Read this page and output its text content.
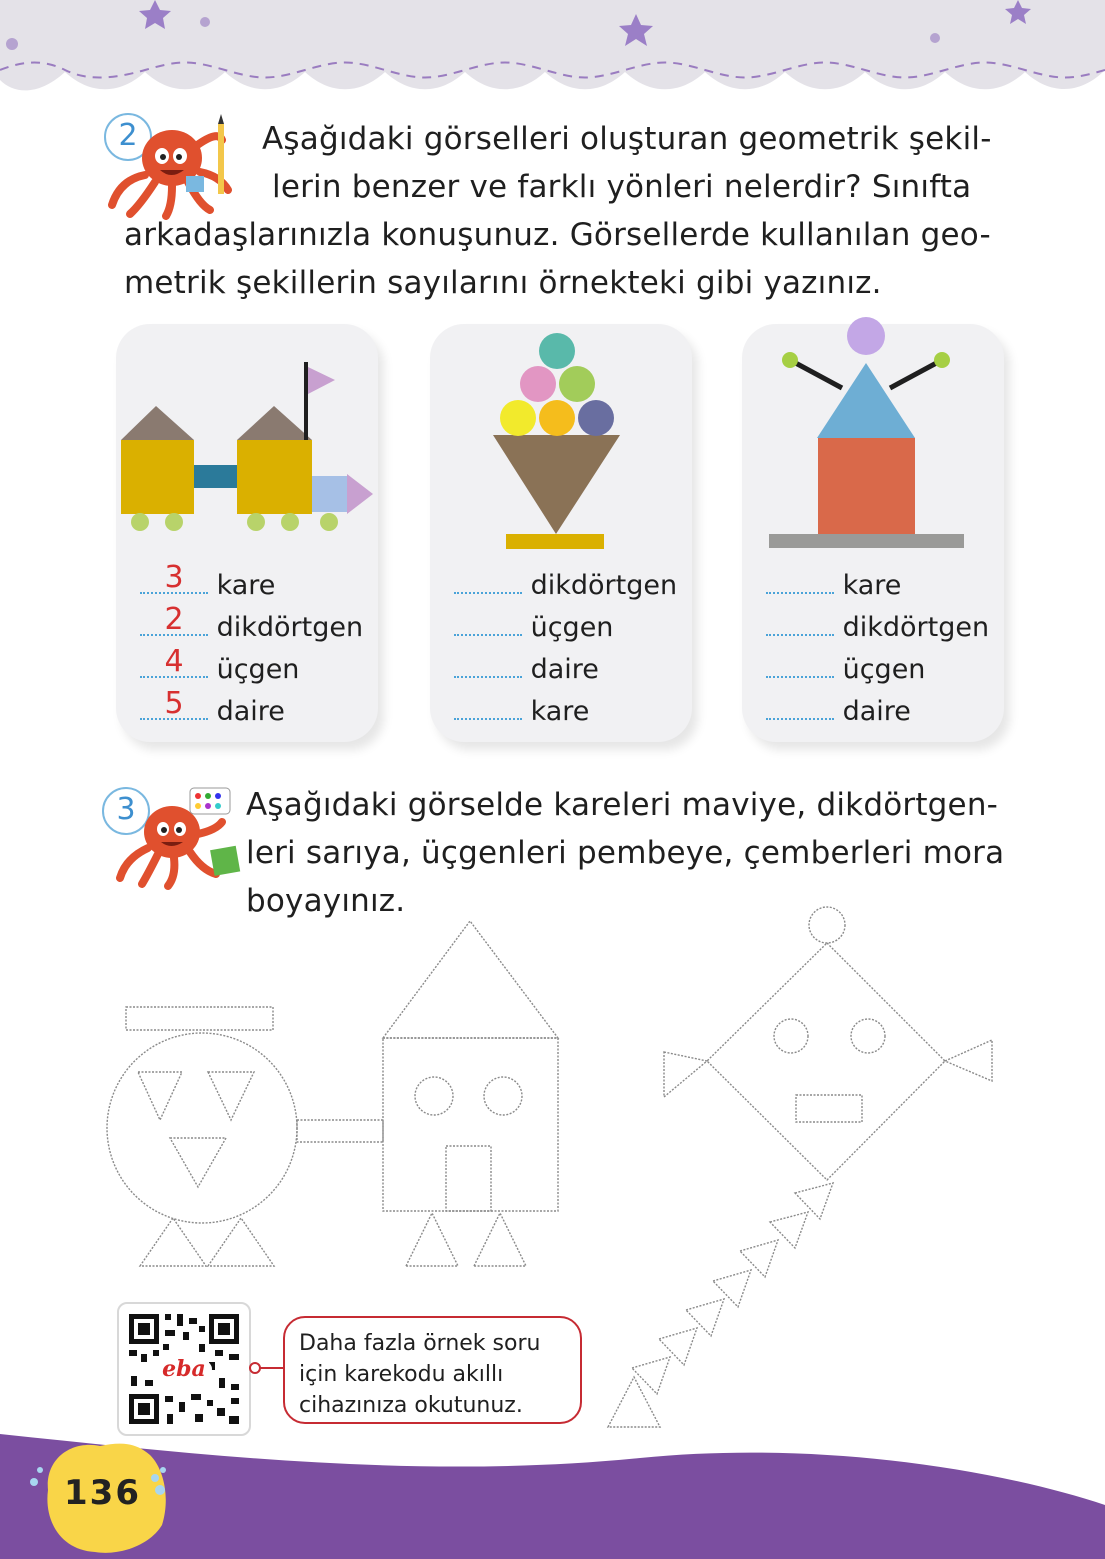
2	Aşağıdaki görselleri oluşturan geometrik şekil-
lerin benzer ve farklı yönleri nelerdir? Sınıfta
arkadaşlarınızla konuşunuz. Görsellerde kullanılan geo-
metrik şekillerin sayılarını örnekteki gibi yazınız.
3	kare
2	dikdörtgen
4	üçgen
5	daire
dikdörtgen
üçgen
daire
kare
kare
dikdörtgen
üçgen
daire
3	Aşağıdaki görselde kareleri maviye, dikdörtgen-
leri sarıya, üçgenleri pembeye, çemberleri mora
boyayınız.
eba
Daha fazla örnek soru
için karekodu akıllı
cihazınıza okutunuz.
136
